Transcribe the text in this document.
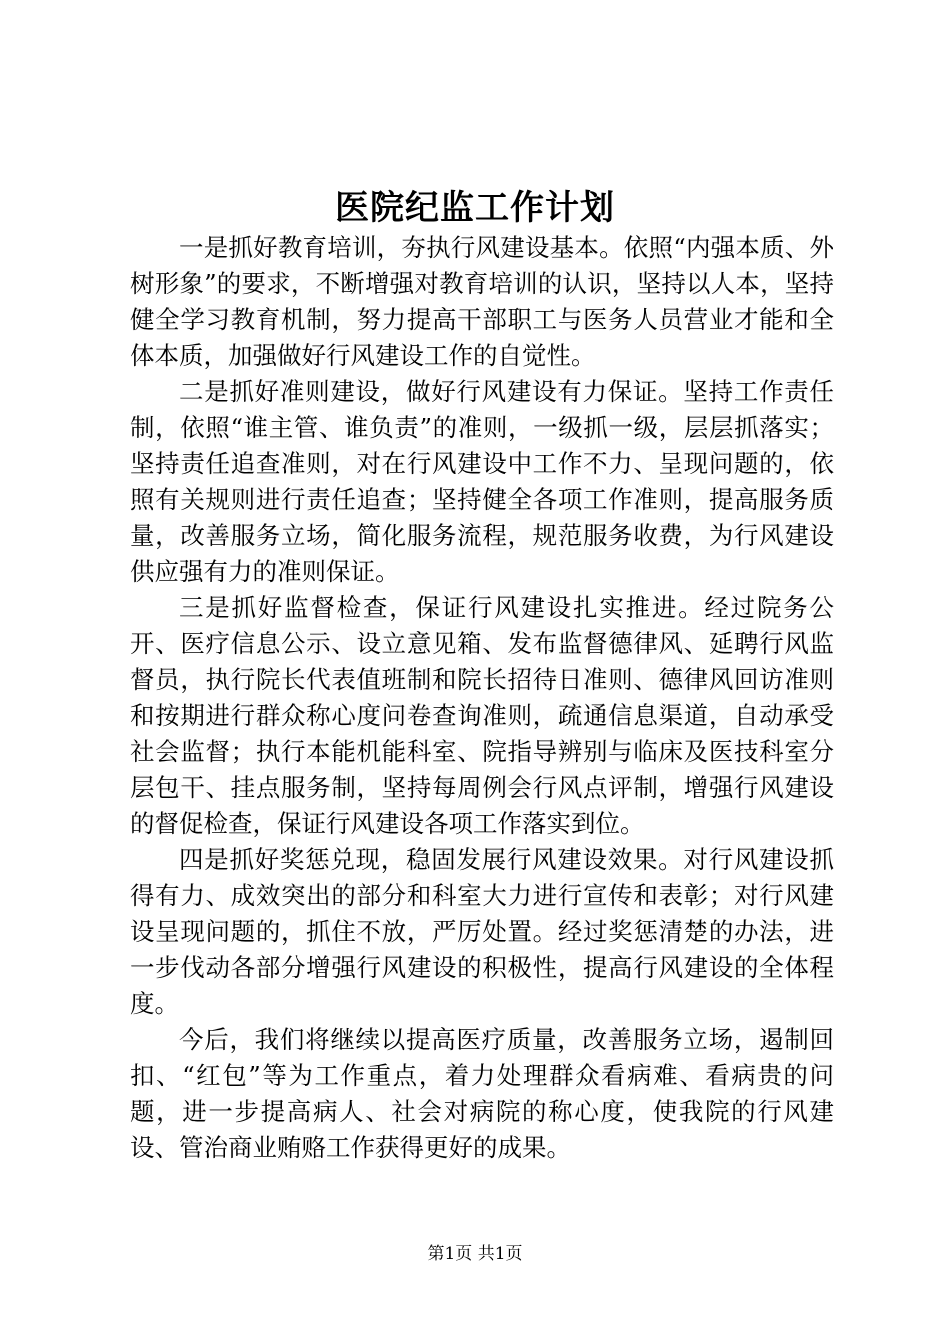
医院纪监工作计划

一是抓好教育培训，夯执行风建设基本。依照“内强本质、外树形象”的要求，不断增强对教育培训的认识，坚持以人本，坚持健全学习教育机制，努力提高干部职工与医务人员营业才能和全体本质，加强做好行风建设工作的自觉性。

二是抓好准则建设，做好行风建设有力保证。坚持工作责任制，依照“谁主管、谁负责”的准则，一级抓一级，层层抓落实；坚持责任追查准则，对在行风建设中工作不力、呈现问题的，依照有关规则进行责任追查；坚持健全各项工作准则，提高服务质量，改善服务立场，简化服务流程，规范服务收费，为行风建设供应强有力的准则保证。

三是抓好监督检查，保证行风建设扎实推进。经过院务公开、医疗信息公示、设立意见箱、发布监督德律风、延聘行风监督员，执行院长代表值班制和院长招待日准则、德律风回访准则和按期进行群众称心度问卷查询准则，疏通信息渠道，自动承受社会监督；执行本能机能科室、院指导辨别与临床及医技科室分层包干、挂点服务制，坚持每周例会行风点评制，增强行风建设的督促检查，保证行风建设各项工作落实到位。

四是抓好奖惩兑现，稳固发展行风建设效果。对行风建设抓得有力、成效突出的部分和科室大力进行宣传和表彰；对行风建设呈现问题的，抓住不放，严厉处置。经过奖惩清楚的办法，进一步伐动各部分增强行风建设的积极性，提高行风建设的全体程度。

今后，我们将继续以提高医疗质量，改善服务立场，遏制回扣、“红包”等为工作重点，着力处理群众看病难、看病贵的问题，进一步提高病人、社会对病院的称心度，使我院的行风建设、管治商业贿赂工作获得更好的成果。

第1页 共1页
